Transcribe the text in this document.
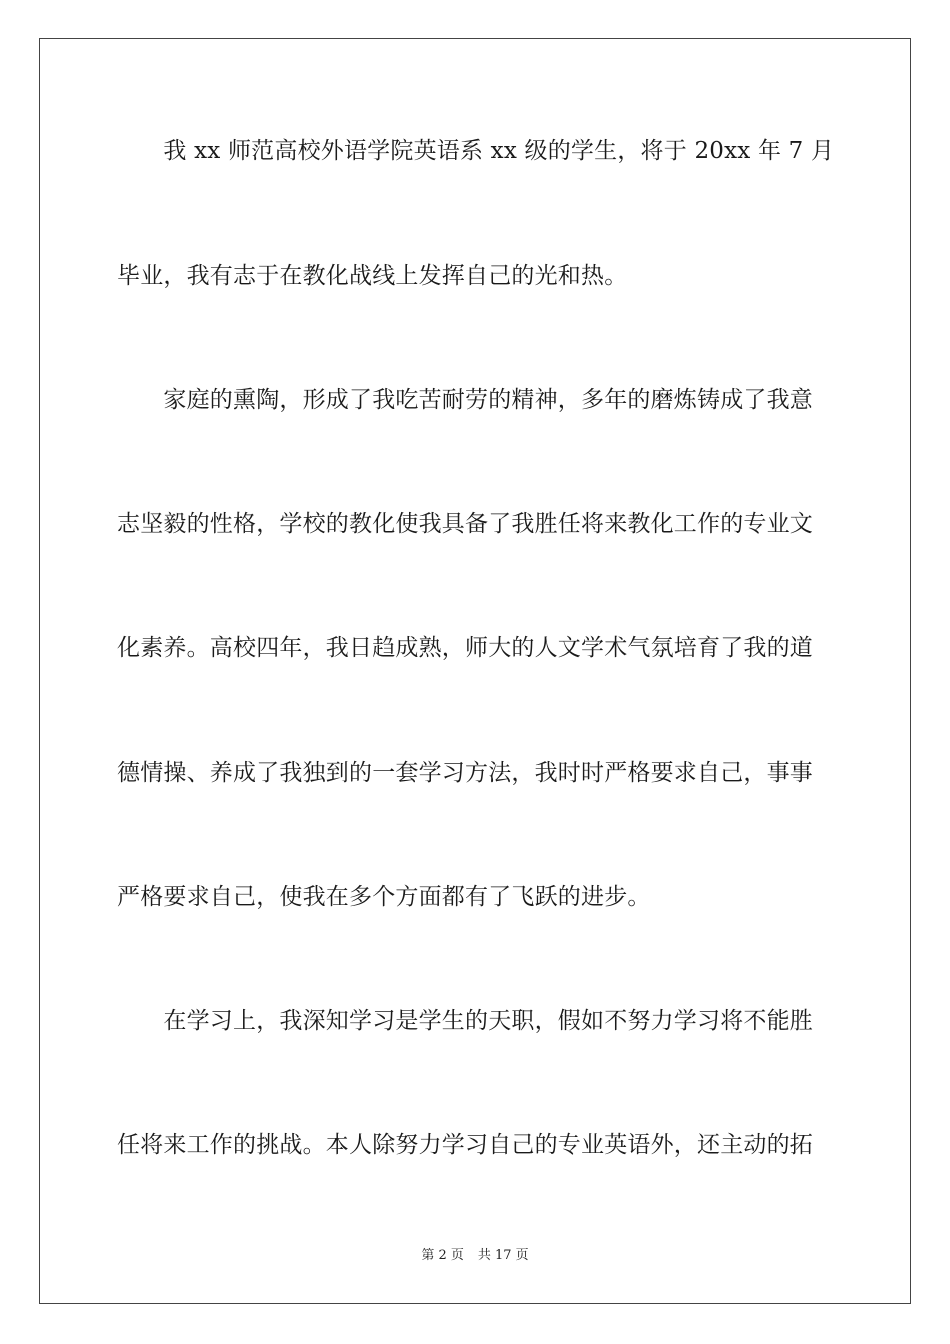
　　我 xx 师范高校外语学院英语系 xx 级的学生，将于 20xx 年 7 月
毕业，我有志于在教化战线上发挥自己的光和热。
　　家庭的熏陶，形成了我吃苦耐劳的精神，多年的磨炼铸成了我意
志坚毅的性格，学校的教化使我具备了我胜任将来教化工作的专业文
化素养。高校四年，我日趋成熟，师大的人文学术气氛培育了我的道
德情操、养成了我独到的一套学习方法，我时时严格要求自己，事事
严格要求自己，使我在多个方面都有了飞跃的进步。
　　在学习上，我深知学习是学生的天职，假如不努力学习将不能胜
任将来工作的挑战。本人除努力学习自己的专业英语外，还主动的拓
第 2 页 共 17 页
